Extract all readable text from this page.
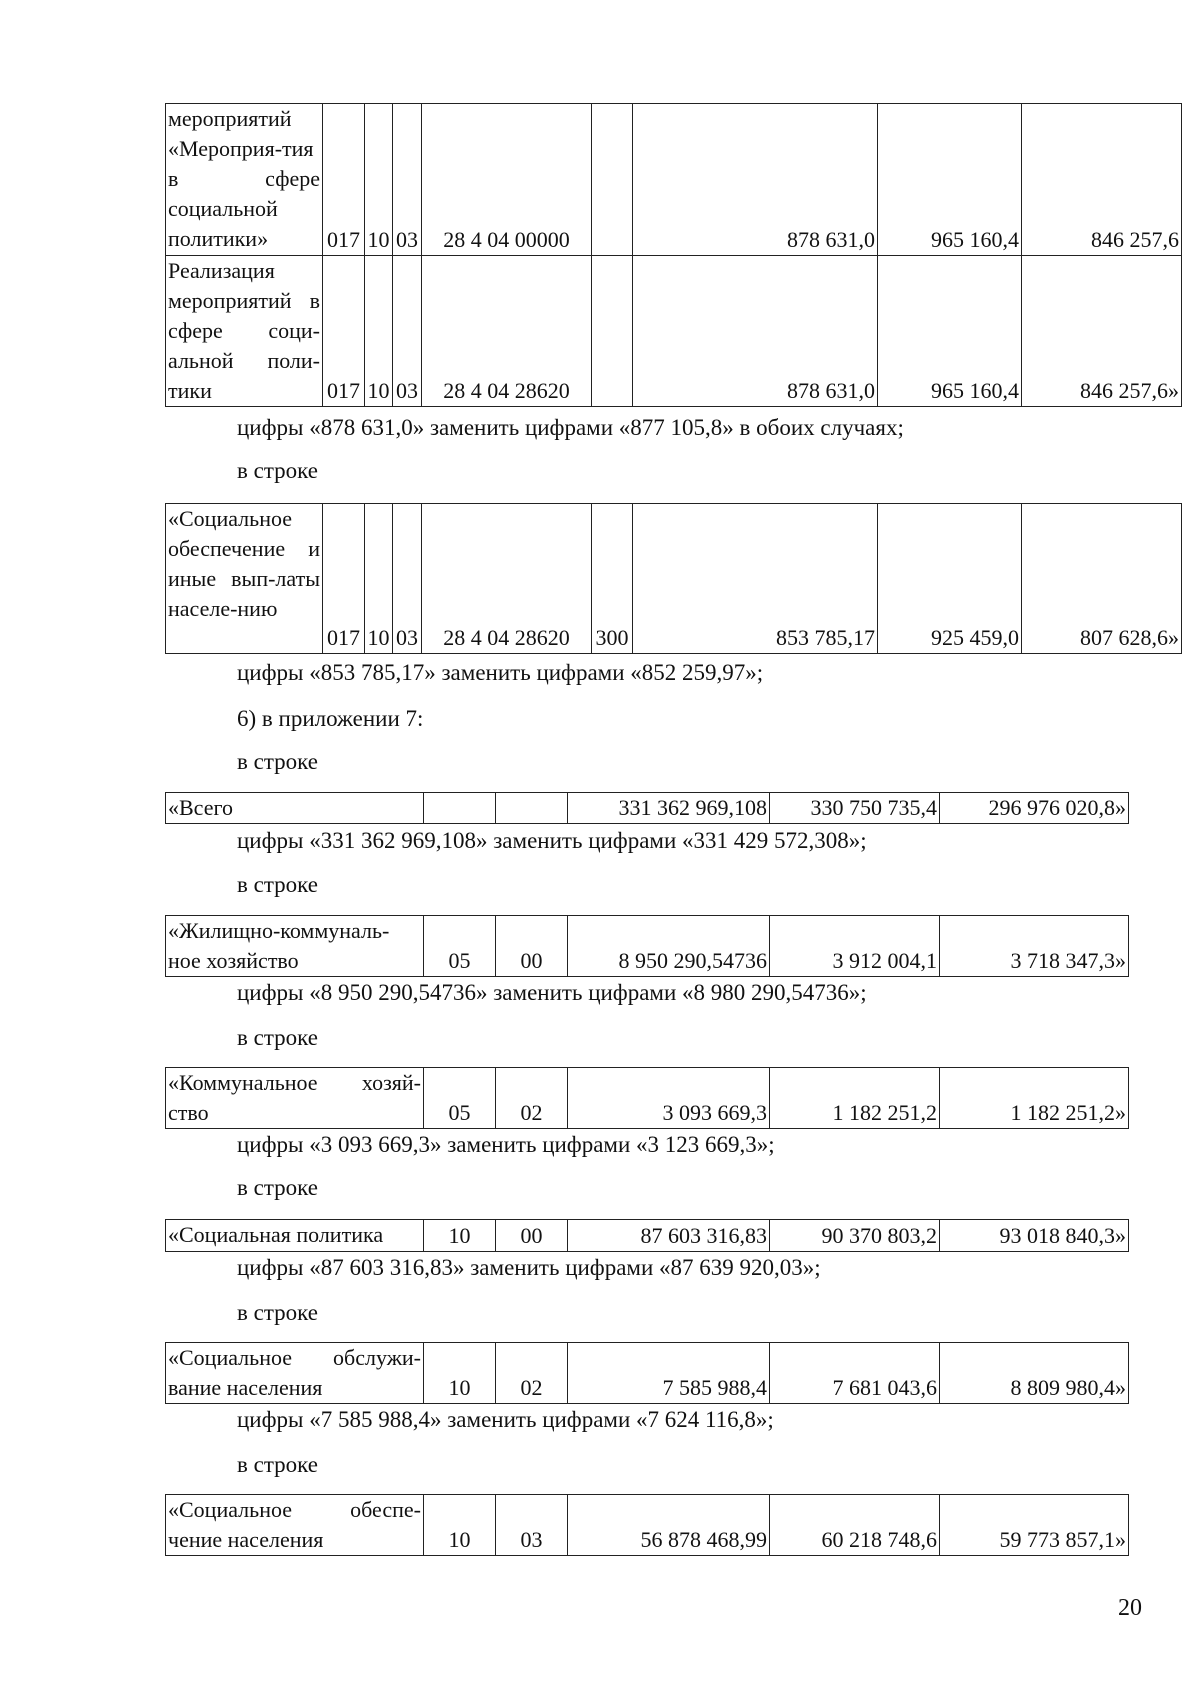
мероприятий «Мероприя-тия в сфере социальной политики»	017	10	03	28 4 04 00000		878 631,0	965 160,4	846 257,6
Реализация мероприятий в сфере соци-альной поли-тики	017	10	03	28 4 04 28620		878 631,0	965 160,4	846 257,6»
цифры «878 631,0» заменить цифрами «877 105,8» в обоих случаях;
в строке
«Социальное обеспечение и иные вып-латы населе-нию	017	10	03	28 4 04 28620	300	853 785,17	925 459,0	807 628,6»
цифры «853 785,17» заменить цифрами «852 259,97»;
6) в приложении 7:
в строке
«Всего			331 362 969,108	330 750 735,4	296 976 020,8»
цифры «331 362 969,108» заменить цифрами «331 429 572,308»;
в строке
«Жилищно-коммуналь-ное хозяйство	05	00	8 950 290,54736	3 912 004,1	3 718 347,3»
цифры «8 950 290,54736» заменить цифрами «8 980 290,54736»;
в строке
«Коммунальное хозяй-ство	05	02	3 093 669,3	1 182 251,2	1 182 251,2»
цифры «3 093 669,3» заменить цифрами «3 123 669,3»;
в строке
«Социальная политика	10	00	87 603 316,83	90 370 803,2	93 018 840,3»
цифры «87 603 316,83» заменить цифрами «87 639 920,03»;
в строке
«Социальное обслужи-вание населения	10	02	7 585 988,4	7 681 043,6	8 809 980,4»
цифры «7 585 988,4» заменить цифрами «7 624 116,8»;
в строке
«Социальное обеспе-чение населения	10	03	56 878 468,99	60 218 748,6	59 773 857,1»
20
